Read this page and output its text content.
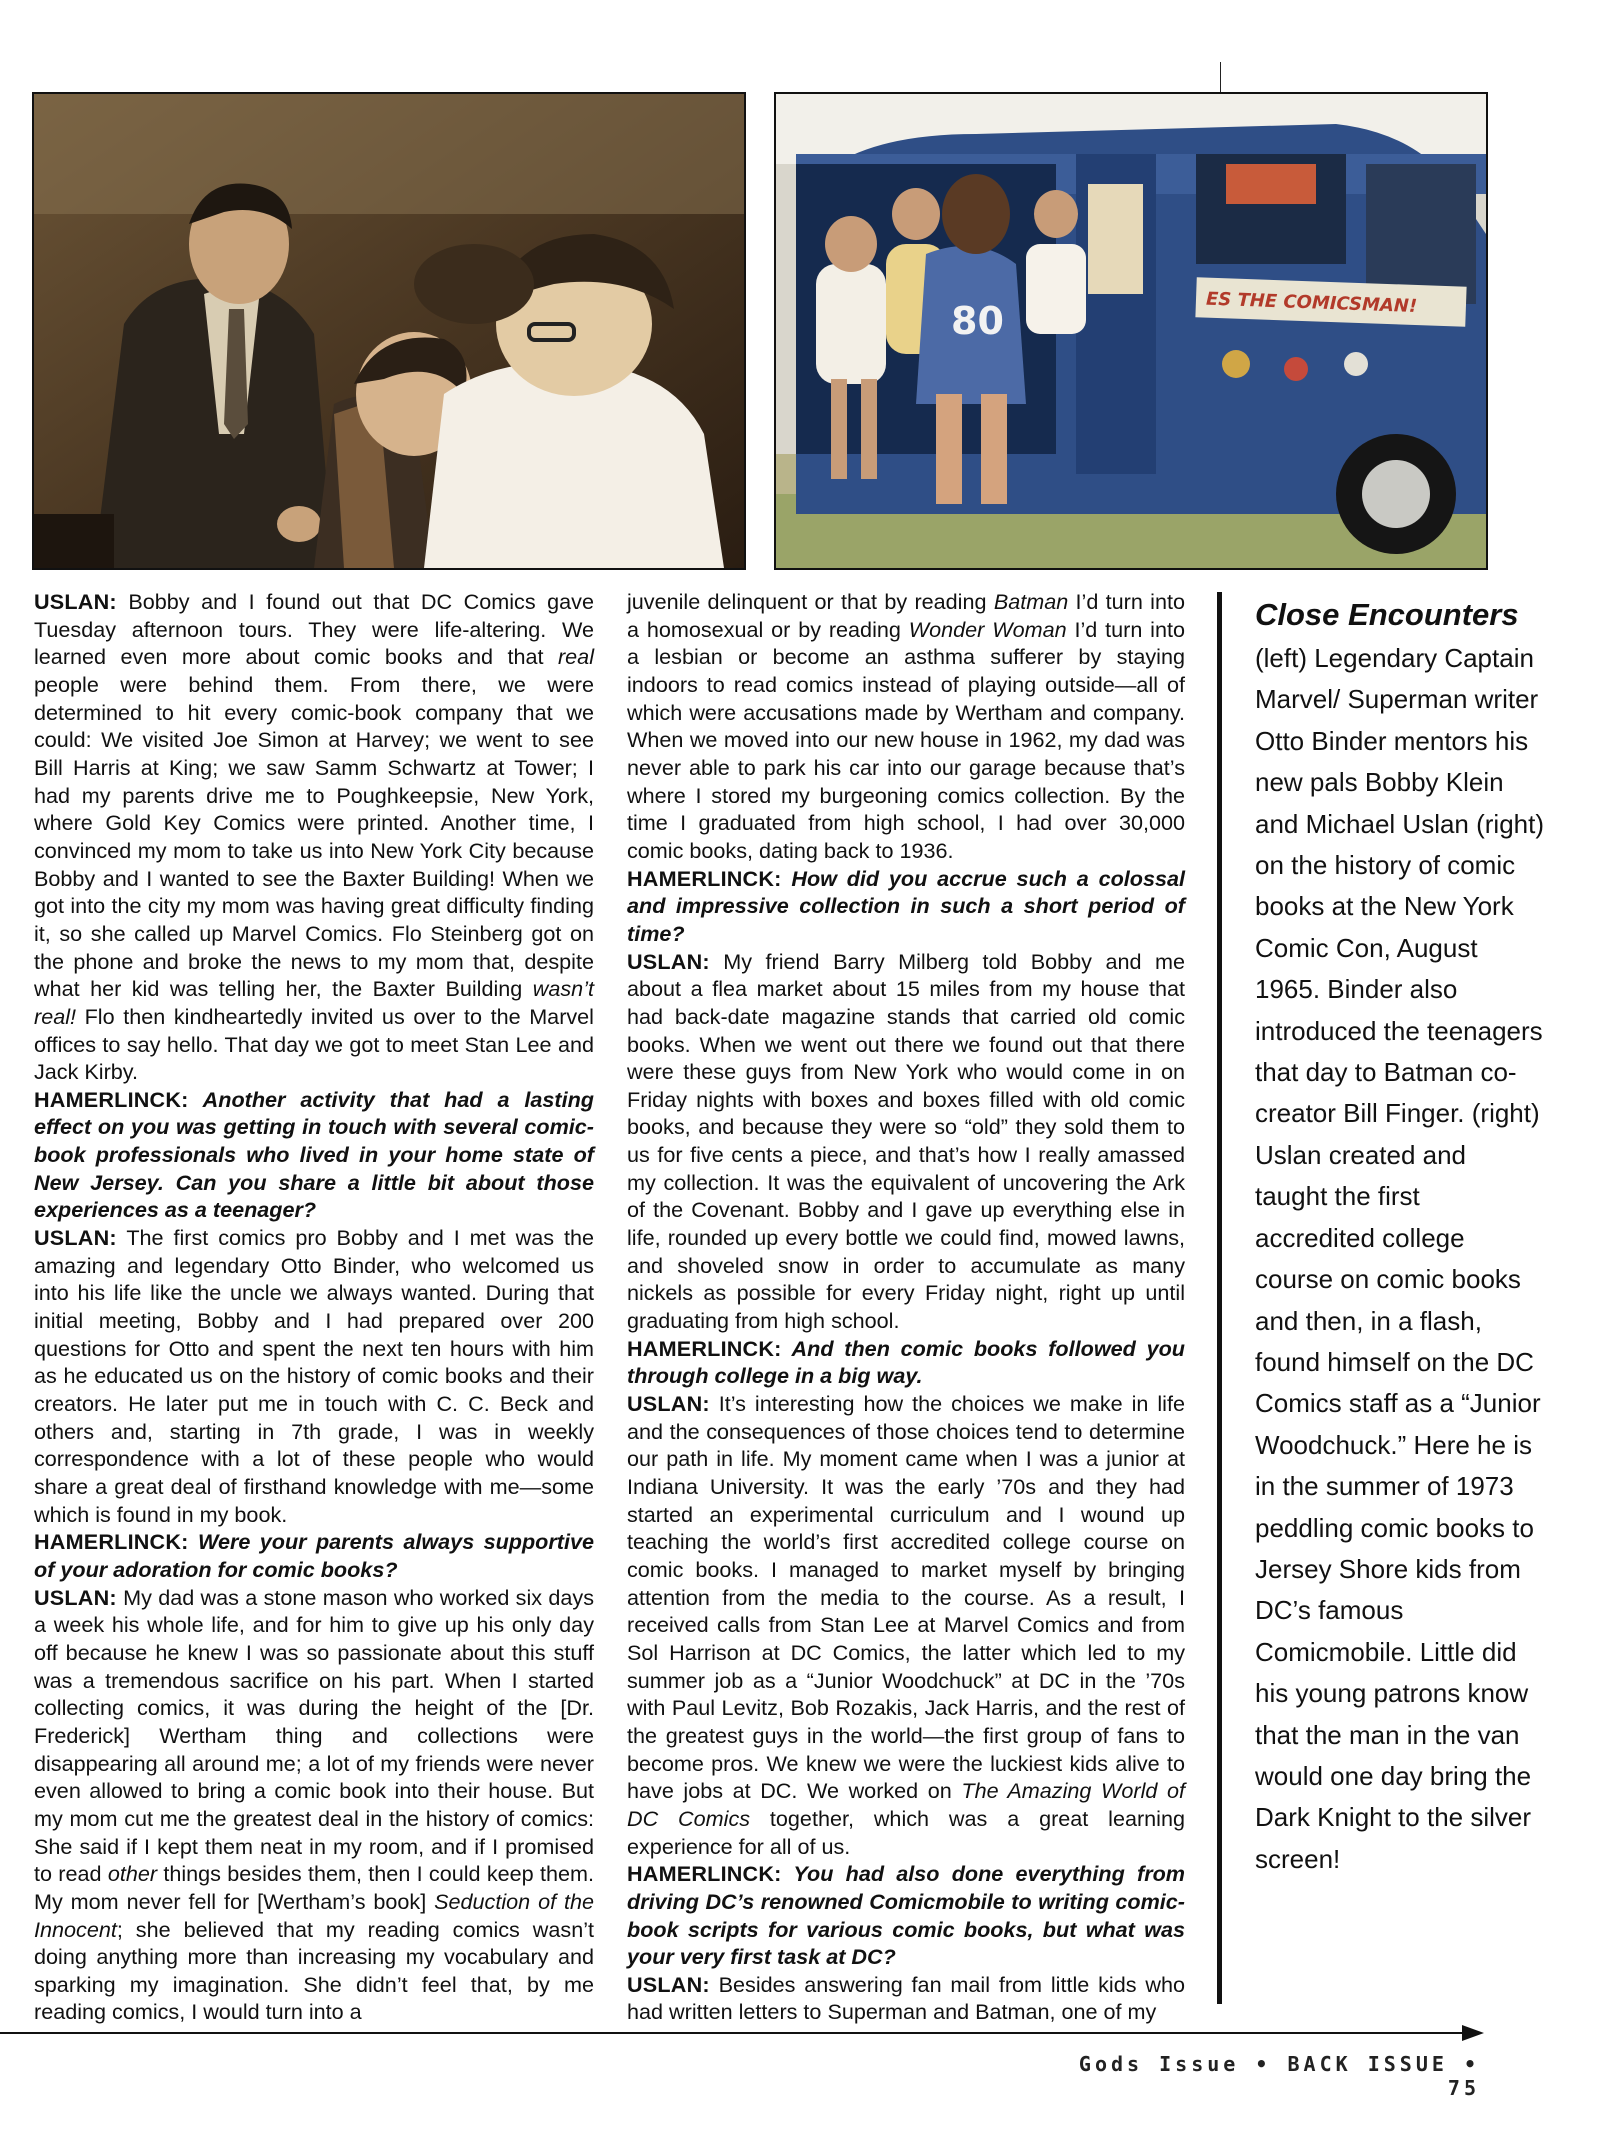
ES THE COMICSMAN!
80

USLAN: Bobby and I found out that DC Comics gave Tuesday afternoon tours. They were life-altering. We learned even more about comic books and that real people were behind them. From there, we were determined to hit every comic-book company that we could: We visited Joe Simon at Harvey; we went to see Bill Harris at King; we saw Samm Schwartz at Tower; I had my parents drive me to Poughkeepsie, New York, where Gold Key Comics were printed. Another time, I convinced my mom to take us into New York City because Bobby and I wanted to see the Baxter Building! When we got into the city my mom was having great difficulty finding it, so she called up Marvel Comics. Flo Steinberg got on the phone and broke the news to my mom that, despite what her kid was telling her, the Baxter Building wasn’t real! Flo then kindheartedly invited us over to the Marvel offices to say hello. That day we got to meet Stan Lee and Jack Kirby.

HAMERLINCK: Another activity that had a lasting effect on you was getting in touch with several comic-book professionals who lived in your home state of New Jersey. Can you share a little bit about those experiences as a teenager?

USLAN: The first comics pro Bobby and I met was the amazing and legendary Otto Binder, who welcomed us into his life like the uncle we always wanted. During that initial meeting, Bobby and I had prepared over 200 questions for Otto and spent the next ten hours with him as he educated us on the history of comic books and their creators. He later put me in touch with C. C. Beck and others and, starting in 7th grade, I was in weekly correspondence with a lot of these people who would share a great deal of firsthand knowledge with me—some which is found in my book.

HAMERLINCK: Were your parents always supportive of your adoration for comic books?

USLAN: My dad was a stone mason who worked six days a week his whole life, and for him to give up his only day off because he knew I was so passionate about this stuff was a tremendous sacrifice on his part. When I started collecting comics, it was during the height of the [Dr. Frederick] Wertham thing and collections were disappearing all around me; a lot of my friends were never even allowed to bring a comic book into their house. But my mom cut me the greatest deal in the history of comics: She said if I kept them neat in my room, and if I promised to read other things besides them, then I could keep them. My mom never fell for [Wertham’s book] Seduction of the Innocent; she believed that my reading comics wasn’t doing anything more than increasing my vocabulary and sparking my imagination. She didn’t feel that, by me reading comics, I would turn into a

juvenile delinquent or that by reading Batman I’d turn into a homosexual or by reading Wonder Woman I’d turn into a lesbian or become an asthma sufferer by staying indoors to read comics instead of playing outside—all of which were accusations made by Wertham and company. When we moved into our new house in 1962, my dad was never able to park his car into our garage because that’s where I stored my burgeoning comics collection. By the time I graduated from high school, I had over 30,000 comic books, dating back to 1936.

HAMERLINCK: How did you accrue such a colossal and impressive collection in such a short period of time?

USLAN: My friend Barry Milberg told Bobby and me about a flea market about 15 miles from my house that had back-date magazine stands that carried old comic books. When we went out there we found out that there were these guys from New York who would come in on Friday nights with boxes and boxes filled with old comic books, and because they were so “old” they sold them to us for five cents a piece, and that’s how I really amassed my collection. It was the equivalent of uncovering the Ark of the Covenant. Bobby and I gave up everything else in life, rounded up every bottle we could find, mowed lawns, and shoveled snow in order to accumulate as many nickels as possible for every Friday night, right up until graduating from high school.

HAMERLINCK: And then comic books followed you through college in a big way.

USLAN: It’s interesting how the choices we make in life and the consequences of those choices tend to determine our path in life. My moment came when I was a junior at Indiana University. It was the early ’70s and they had started an experimental curriculum and I wound up teaching the world’s first accredited college course on comic books. I managed to market myself by bringing attention from the media to the course. As a result, I received calls from Stan Lee at Marvel Comics and from Sol Harrison at DC Comics, the latter which led to my summer job as a “Junior Woodchuck” at DC in the ’70s with Paul Levitz, Bob Rozakis, Jack Harris, and the rest of the greatest guys in the world—the first group of fans to become pros. We knew we were the luckiest kids alive to have jobs at DC. We worked on The Amazing World of DC Comics together, which was a great learning experience for all of us.

HAMERLINCK: You had also done everything from driving DC’s renowned Comicmobile to writing comic-book scripts for various comic books, but what was your very first task at DC?

USLAN: Besides answering fan mail from little kids who had written letters to Superman and Batman, one of my

Close Encounters
(left) Legendary Captain Marvel/ Superman writer Otto Binder mentors his new pals Bobby Klein and Michael Uslan (right) on the history of comic books at the New York Comic Con, August 1965. Binder also introduced the teenagers that day to Batman co-creator Bill Finger. (right) Uslan created and taught the first accredited college course on comic books and then, in a flash, found himself on the DC Comics staff as a “Junior Woodchuck.” Here he is in the summer of 1973 peddling comic books to Jersey Shore kids from DC’s famous Comicmobile. Little did his young patrons know that the man in the van would one day bring the Dark Knight to the silver screen!
Gods Issue • BACK ISSUE • 75
